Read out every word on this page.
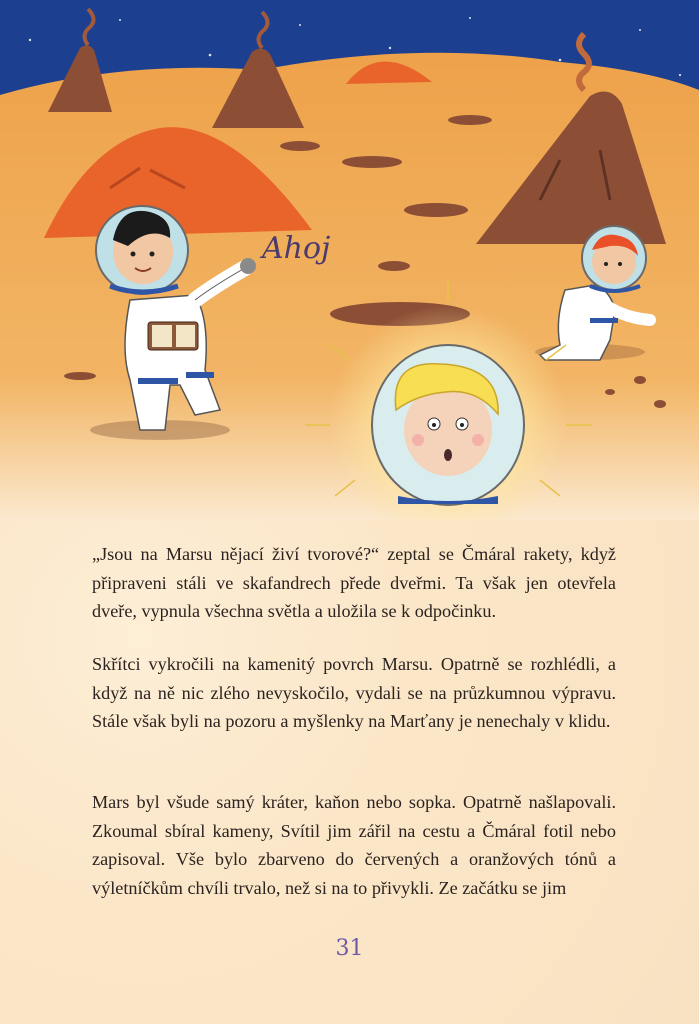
Ahoj

„Jsou na Marsu nějací živí tvorové?“ zeptal se Čmáral rakety, když připraveni stáli ve skafandrech přede dveřmi. Ta však jen otevřela dveře, vypnula všechna světla a uložila se k odpočinku.

Skřítci vykročili na kamenitý povrch Marsu. Opatrně se rozhlédli, a když na ně nic zlého nevyskočilo, vydali se na průzkumnou výpravu. Stále však byli na pozoru a myšlenky na Marťany je nenechaly v klidu.

Mars byl všude samý kráter, kaňon nebo sopka. Opatrně našlapovali. Zkoumal sbíral kameny, Svítil jim zářil na cestu a Čmáral fotil nebo zapisoval. Vše bylo zbarveno do červených a oranžových tónů a výletníčkům chvíli trvalo, než si na to přivykli. Ze začátku se jim

31
